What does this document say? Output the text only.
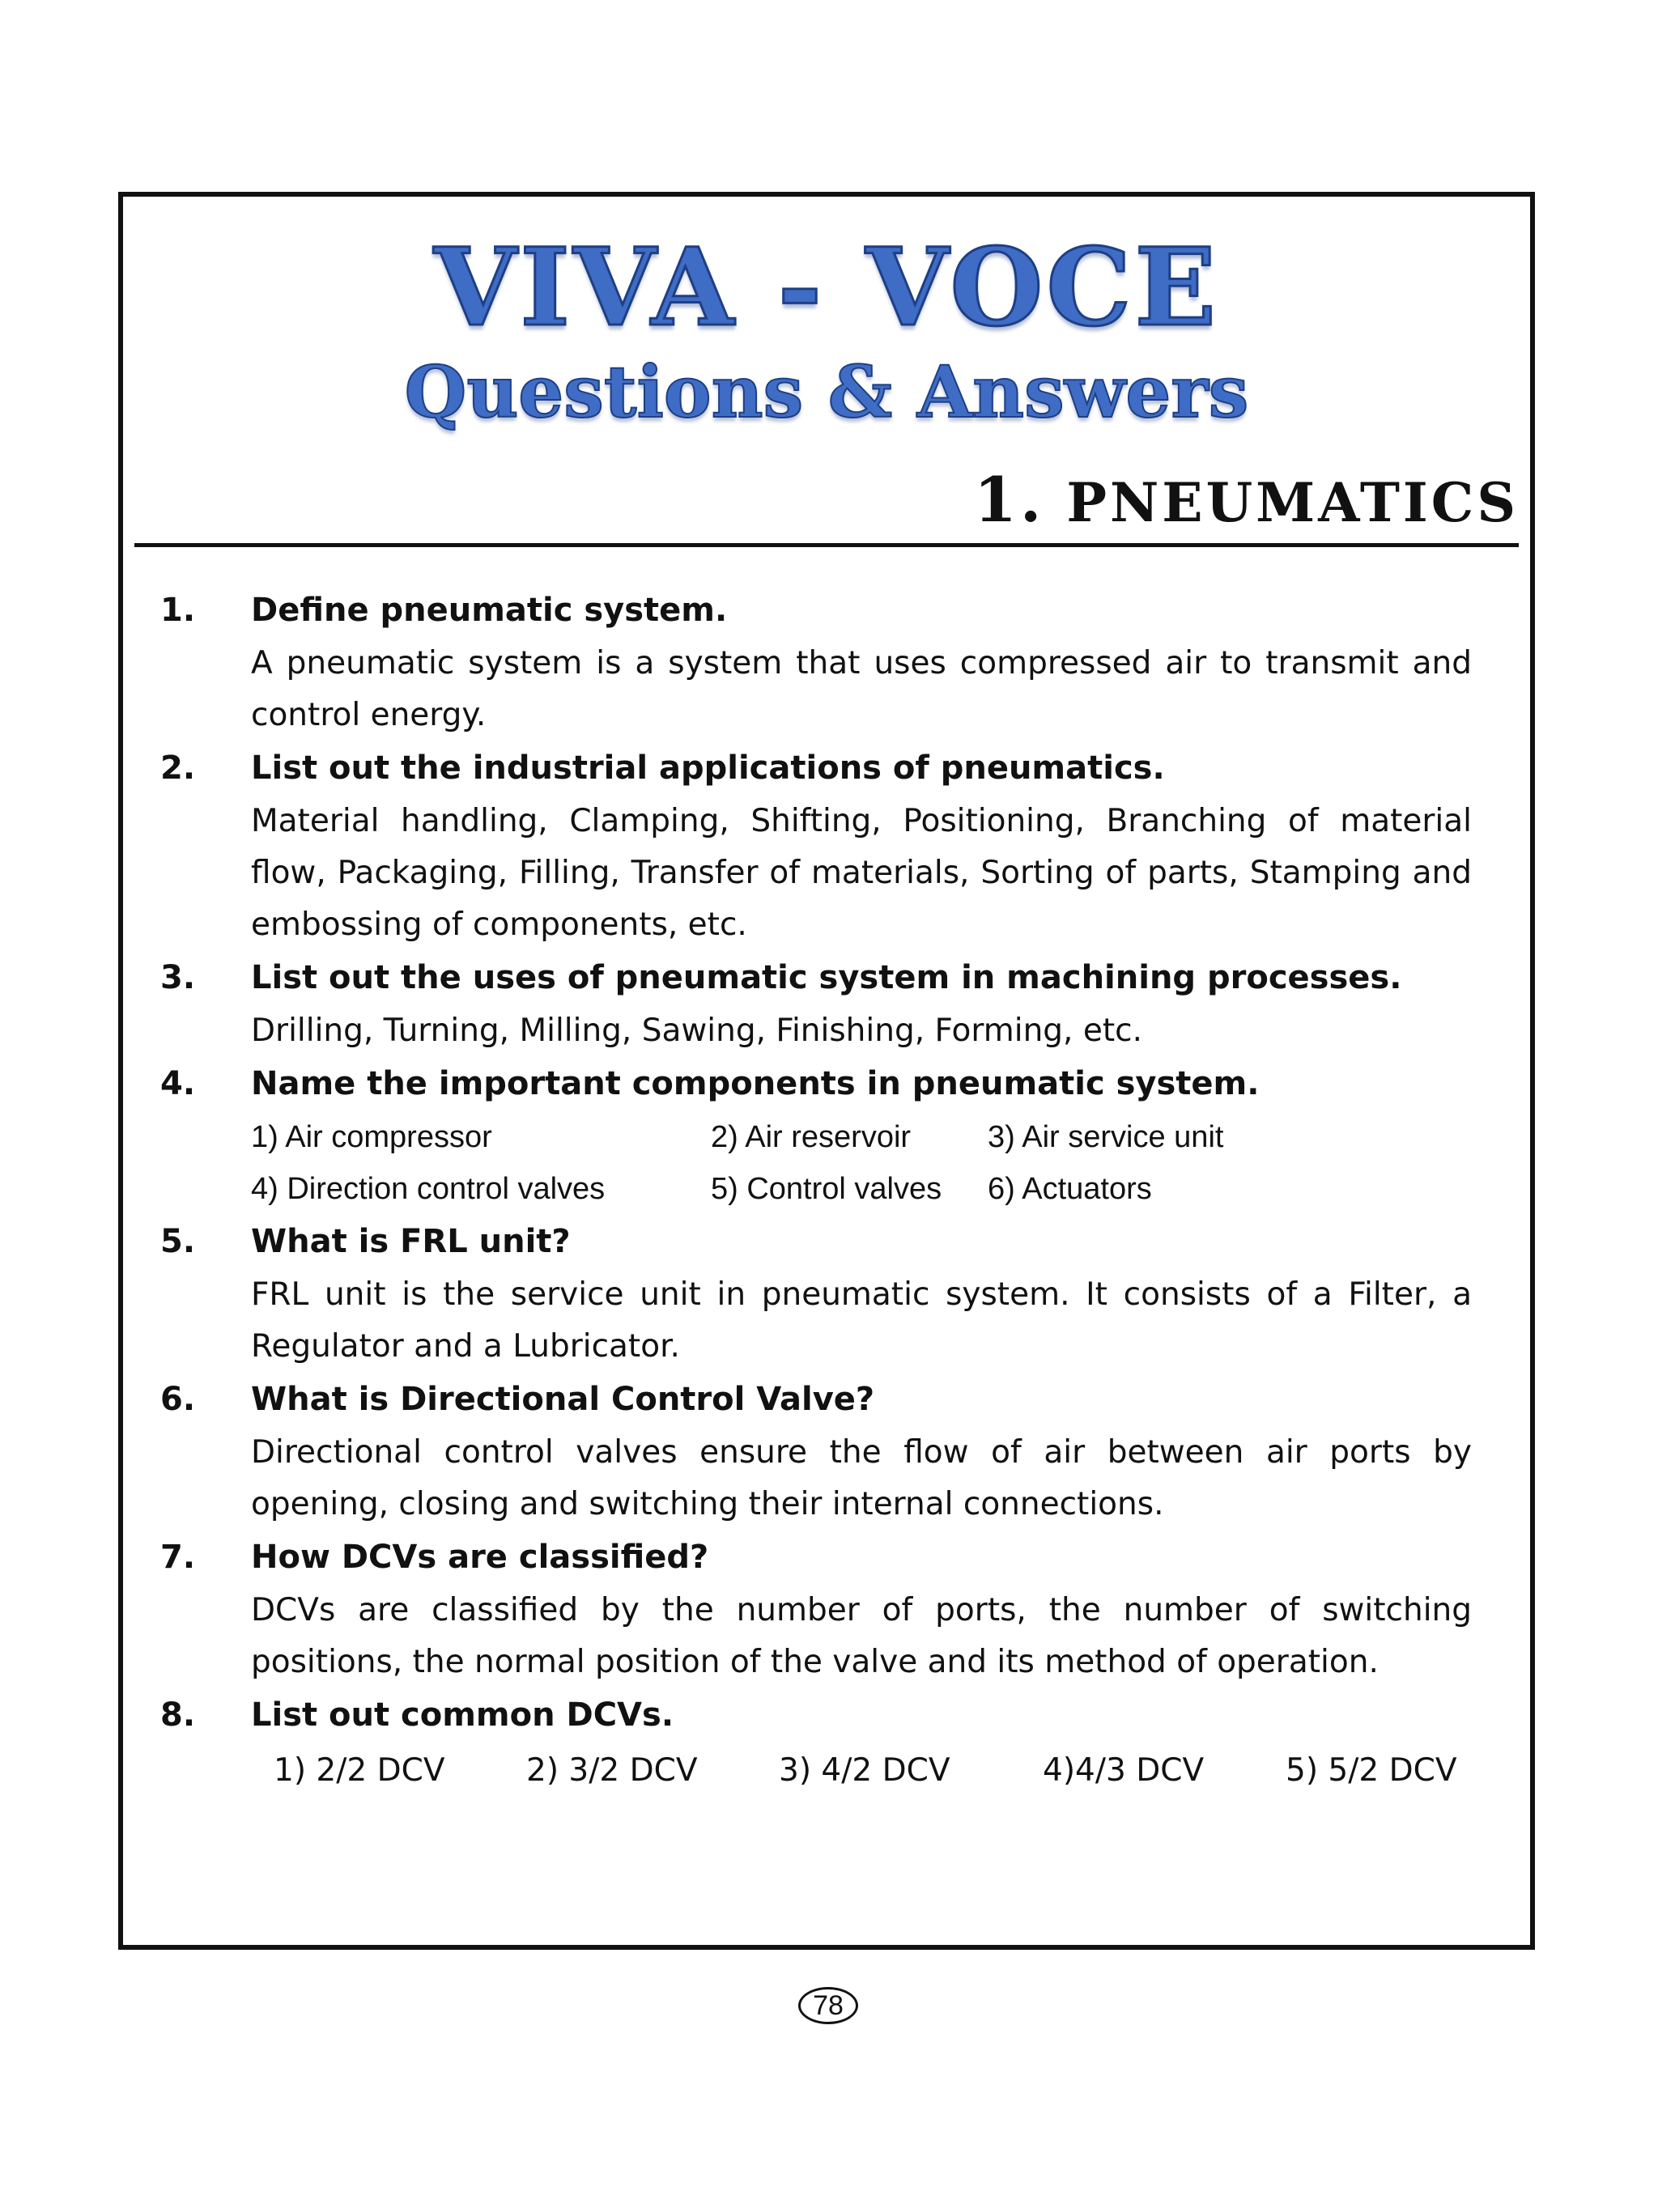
VIVA - VOCE
Questions & Answers
1. PNEUMATICS
1.	Define pneumatic system.
A pneumatic system is a system that uses compressed air to transmit and control energy.
2.	List out the industrial applications of pneumatics.
Material handling, Clamping, Shifting, Positioning, Branching of material flow, Packaging, Filling, Transfer of materials, Sorting of parts, Stamping and embossing of components, etc.
3.	List out the uses of pneumatic system in machining processes.
Drilling, Turning, Milling, Sawing, Finishing, Forming, etc.
4.	Name the important components in pneumatic system.
1) Air compressor	2) Air reservoir	3) Air service unit
4) Direction control valves	5) Control valves	6) Actuators
5.	What is FRL unit?
FRL unit is the service unit in pneumatic system. It consists of a Filter, a Regulator and a Lubricator.
6.	What is Directional Control Valve?
Directional control valves ensure the flow of air between air ports by opening, closing and switching their internal connections.
7.	How DCVs are classified?
DCVs are classified by the number of ports, the number of switching positions, the normal position of the valve and its method of operation.
8.	List out common DCVs.
1) 2/2 DCV	2) 3/2 DCV	3) 4/2 DCV	4)4/3 DCV	5) 5/2 DCV
78
